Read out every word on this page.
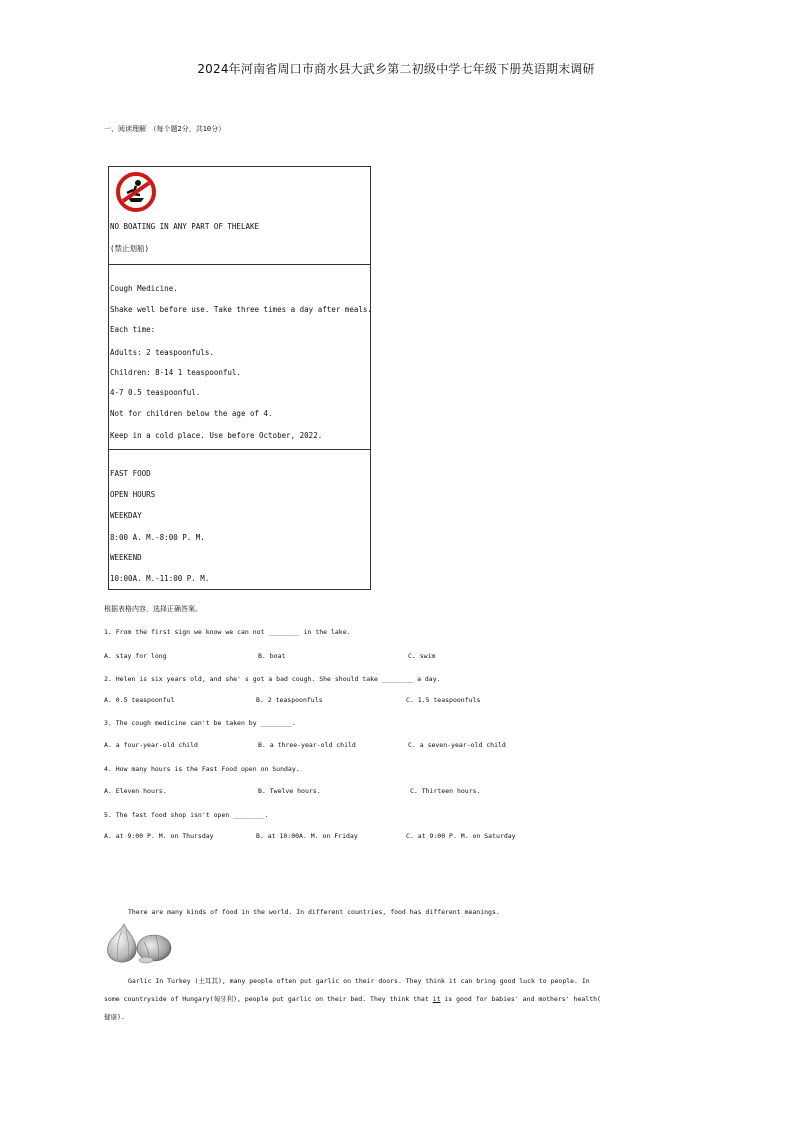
2024年河南省周口市商水县大武乡第二初级中学七年级下册英语期末调研
一、阅读理解　（每个题2分，共10分）
NO BOATING IN ANY PART OF THELAKE
(禁止划船)
Cough Medicine.
Shake well before use. Take three times a day after meals.
Each time:
Adults: 2 teaspoonfuls.
Children: 8-14 1 teaspoonful.
4-7 0.5 teaspoonful.
Not for children below the age of 4.
Keep in a cold place. Use before October, 2022.
FAST FOOD
OPEN HOURS
WEEKDAY
8:00 A. M.-8:00 P. M.
WEEKEND
10:00A. M.-11:00 P. M.
根据表格内容，选择正确答案。
1. From the first sign we know we can not ________ in the lake.
A. stay for long	B. boat	C. swim
2. Helen is six years old, and she' s got a bad cough. She should take ________ a day.
A. 0.5 teaspoonful	B. 2 teaspoonfuls	C. 1.5 teaspoonfuls
3. The cough medicine can't be taken by ________.
A. a four-year-old child	B. a three-year-old child	C. a seven-year-old child
4. How many hours is the Fast Food open on Sunday.
A. Eleven hours.	B. Twelve hours.	C. Thirteen hours.
5. The fast food shop isn't open ________.
A. at 9:00 P. M. on Thursday	B. at 10:00A. M. on Friday	C. at 9:00 P. M. on Saturday
There are many kinds of food in the world. In different countries, food has different meanings.
Garlic In Turkey (土耳其), many people often put garlic on their doors. They think it can bring good luck to people. In
some countryside of Hungary(匈牙利), people put garlic on their bed. They think that it is good for babies' and mothers' health(
健康).
